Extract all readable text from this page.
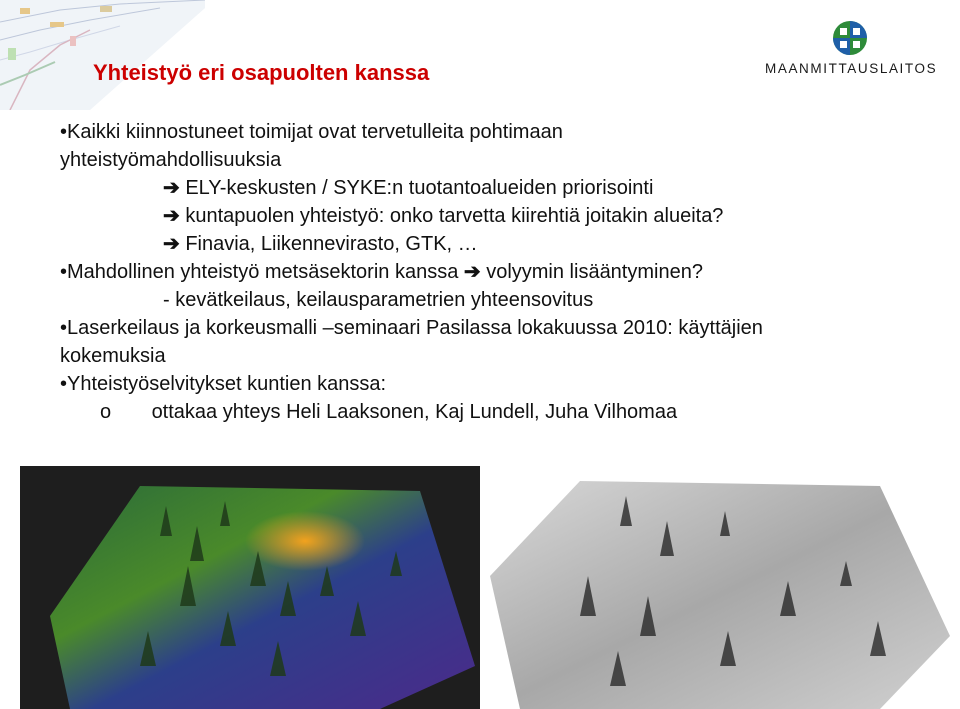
Yhteistyö eri osapuolten kanssa	MAANMITTAUSLAITOS
•Kaikki kiinnostuneet toimijat ovat tervetulleita pohtimaan
yhteistyömahdollisuuksia
➔ ELY-keskusten / SYKE:n tuotantoalueiden priorisointi
➔ kuntapuolen yhteistyö: onko tarvetta kiirehtiä joitakin alueita?
➔ Finavia, Liikennevirasto, GTK, …
•Mahdollinen yhteistyö metsäsektorin kanssa ➔ volyymin lisääntyminen?
- kevätkeilaus, keilausparametrien yhteensovitus
•Laserkeilaus ja korkeusmalli –seminaari Pasilassa lokakuussa 2010: käyttäjien
kokemuksia
•Yhteistyöselvitykset kuntien kanssa:
o ottakaa yhteys Heli Laaksonen, Kaj Lundell, Juha Vilhomaa
